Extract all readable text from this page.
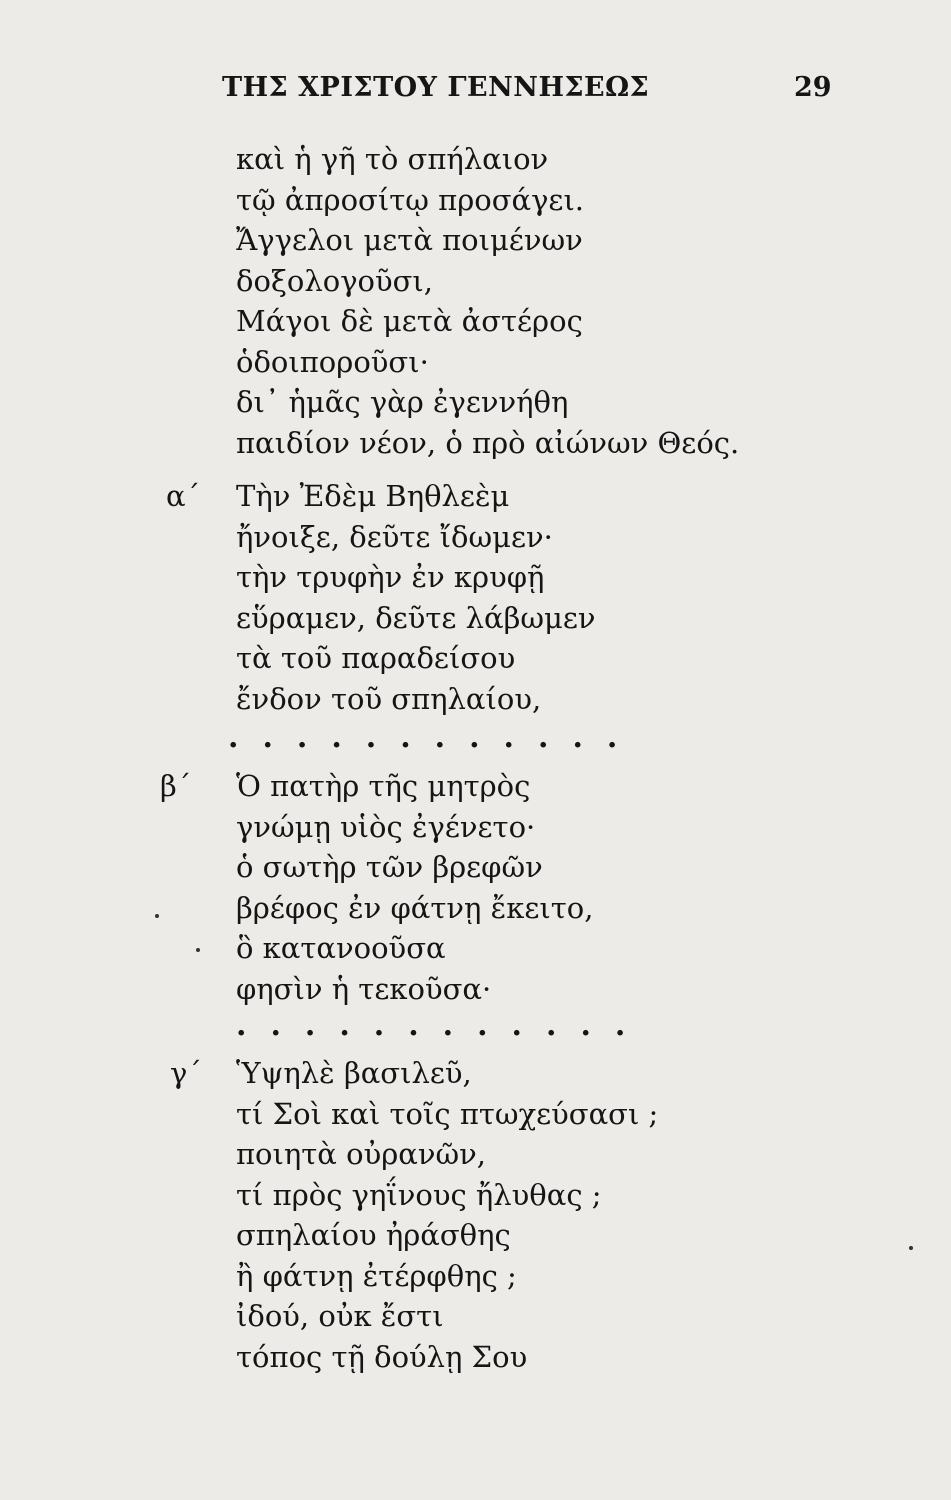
ΤΗΣ ΧΡΙΣΤΟΥ ΓΕΝΝΗΣΕΩΣ	29
καὶ ἡ γῆ τὸ σπήλαιον
τῷ ἀπροσίτῳ προσάγει.
Ἄγγελοι μετὰ ποιμένων
δοξολογοῦσι,
Μάγοι δὲ μετὰ ἀστέρος
ὁδοιποροῦσι·
δι᾿ ἡμᾶς γὰρ ἐγεννήθη
παιδίον νέον, ὁ πρὸ αἰώνων Θεός.
α΄ Τὴν Ἐδὲμ Βηθλεὲμ
ἤνοιξε, δεῦτε ἴδωμεν·
τὴν τρυφὴν ἐν κρυφῇ
εὕραμεν, δεῦτε λάβωμεν
τὰ τοῦ παραδείσου
ἔνδον τοῦ σπηλαίου,
............
β΄ Ὁ πατὴρ τῆς μητρὸς
γνώμῃ υἱὸς ἐγένετο·
ὁ σωτὴρ τῶν βρεφῶν
βρέφος ἐν φάτνῃ ἔκειτο,
ὃ κατανοοῦσα
φησὶν ἡ τεκοῦσα·
............
γ΄ Ὑψηλὲ βασιλεῦ,
τί Σοὶ καὶ τοῖς πτωχεύσασι ;
ποιητὰ οὐρανῶν,
τί πρὸς γηΐνους ἤλυθας ;
σπηλαίου ἠράσθης
ἢ φάτνῃ ἐτέρφθης ;
ἰδού, οὐκ ἔστι
τόπος τῇ δούλῃ Σου
